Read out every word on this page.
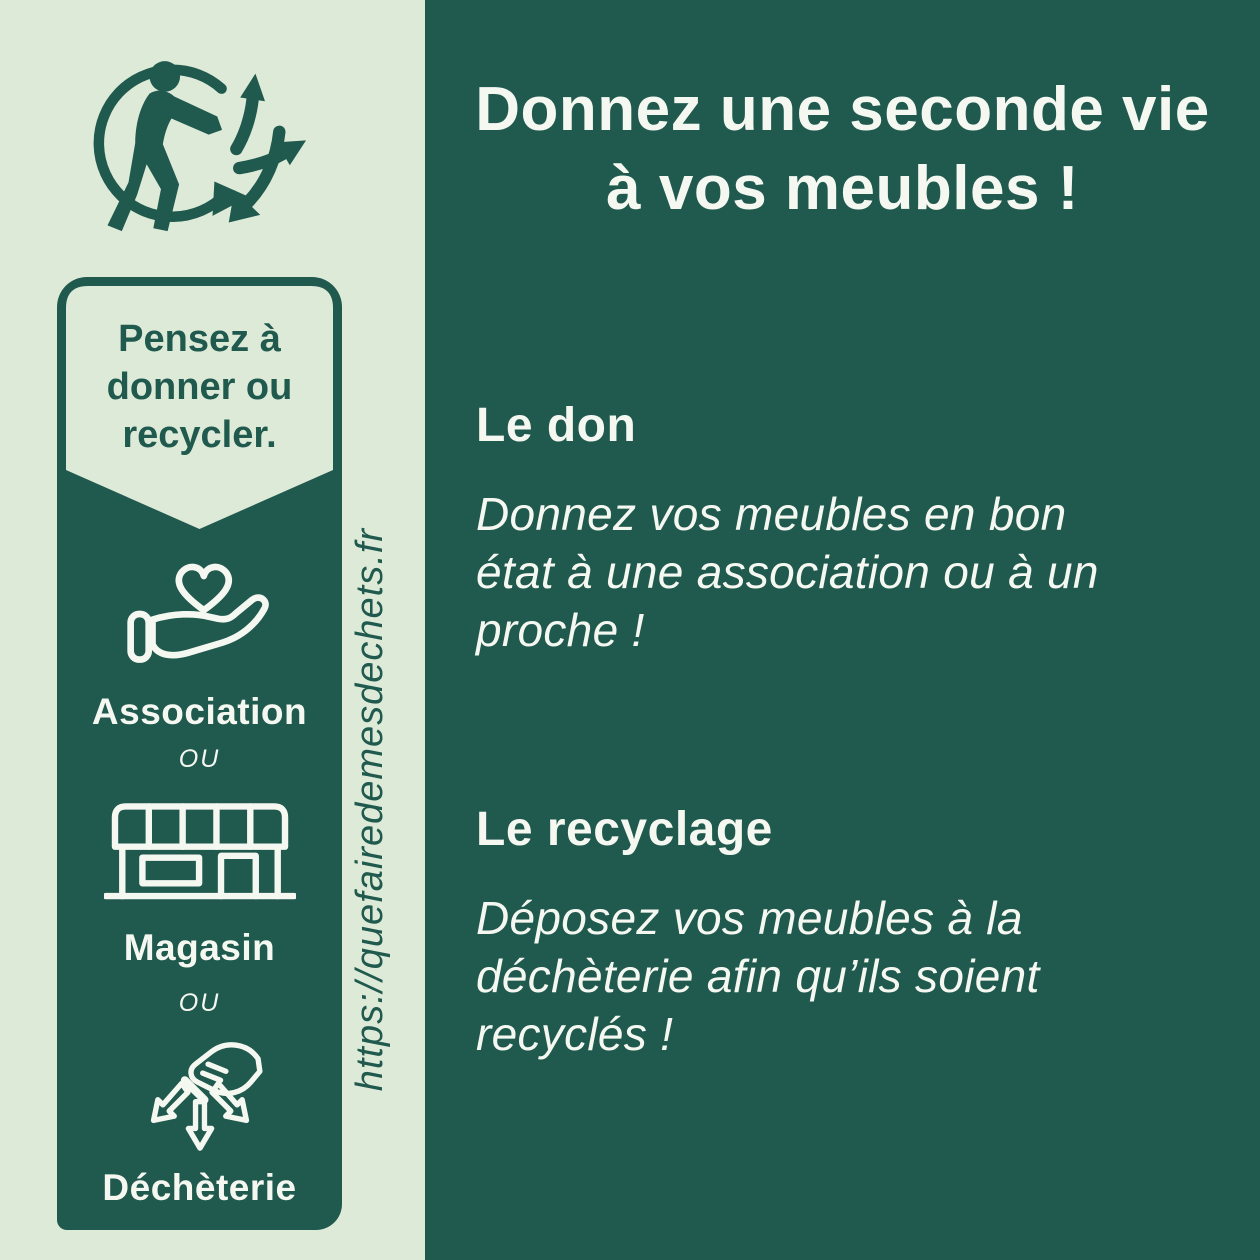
Pensez à
donner ou
recycler.
Association
OU
Magasin
OU
Déchèterie
https://quefairedemesdechets.fr
Donnez une seconde vie
à vos meubles !
Le don
Donnez vos meubles en bon
état à une association ou à un
proche !
Le recyclage
Déposez vos meubles à la
déchèterie afin qu’ils soient
recyclés !
